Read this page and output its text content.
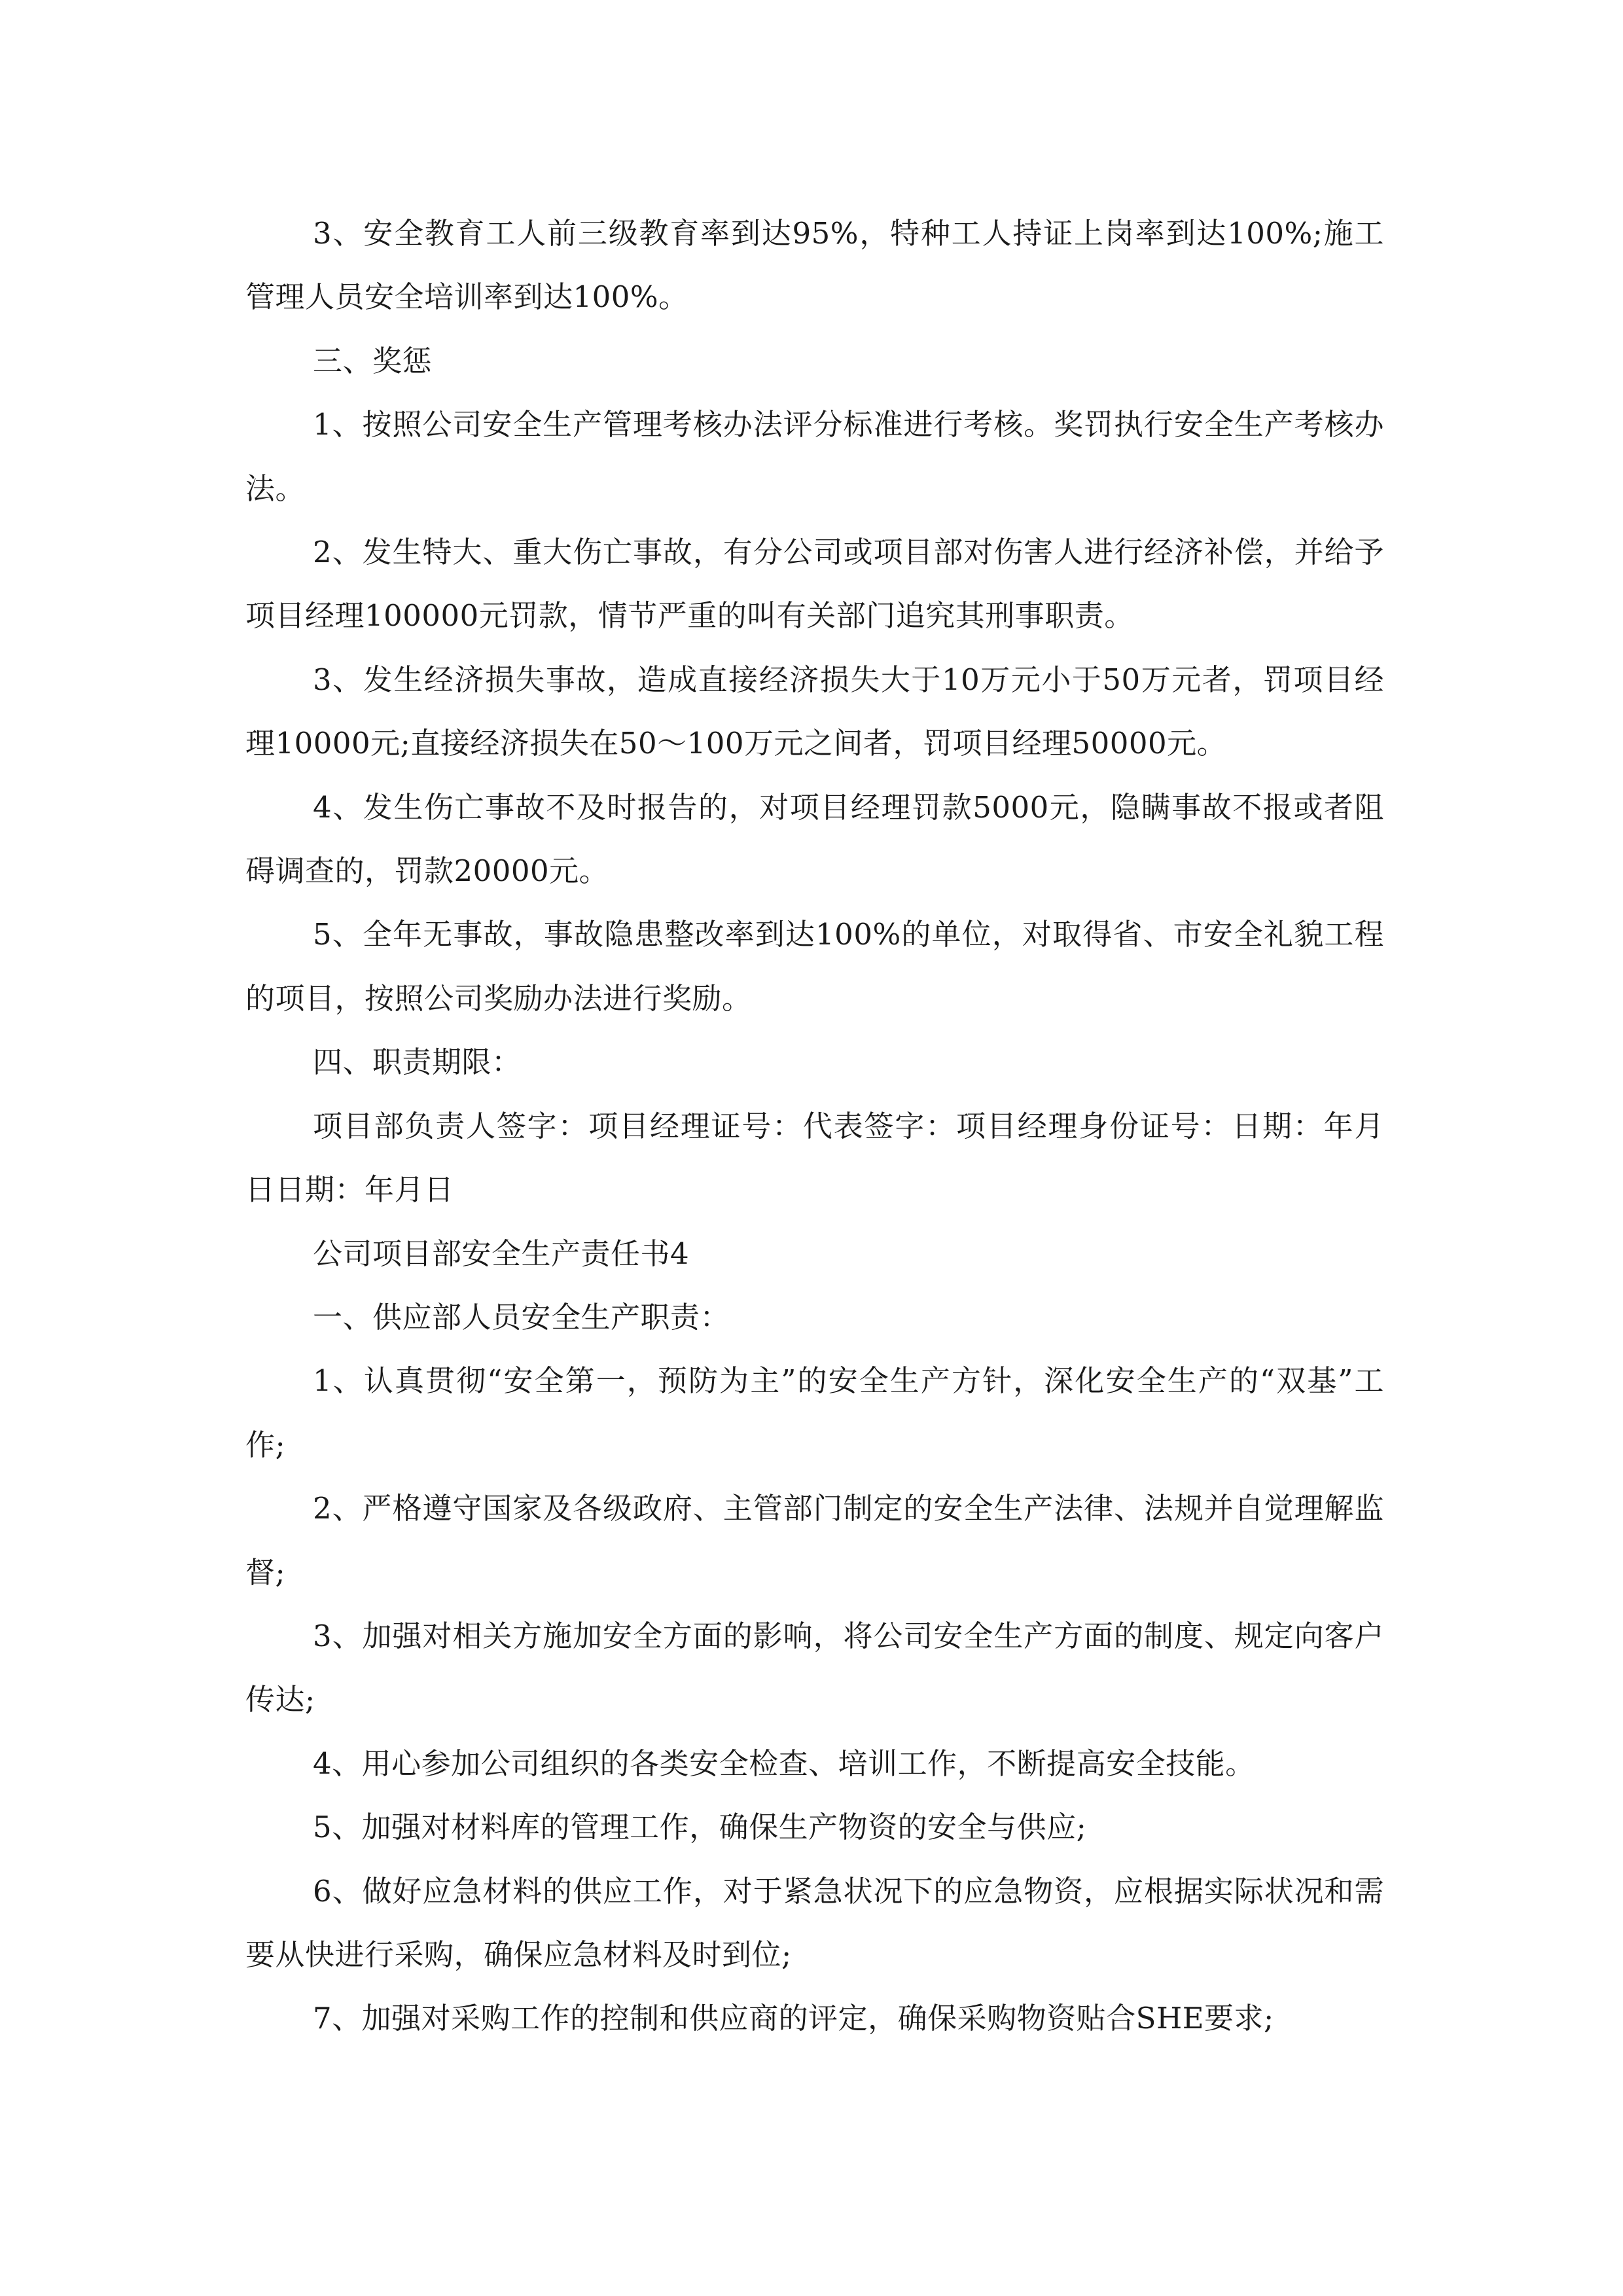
3、安全教育工人前三级教育率到达95%，特种工人持证上岗率到达100%;施工管理人员安全培训率到达100%。

三、奖惩

1、按照公司安全生产管理考核办法评分标准进行考核。奖罚执行安全生产考核办法。

2、发生特大、重大伤亡事故，有分公司或项目部对伤害人进行经济补偿，并给予项目经理100000元罚款，情节严重的叫有关部门追究其刑事职责。

3、发生经济损失事故，造成直接经济损失大于10万元小于50万元者，罚项目经理10000元;直接经济损失在50～100万元之间者，罚项目经理50000元。

4、发生伤亡事故不及时报告的，对项目经理罚款5000元，隐瞒事故不报或者阻碍调查的，罚款20000元。

5、全年无事故，事故隐患整改率到达100%的单位，对取得省、市安全礼貌工程的项目，按照公司奖励办法进行奖励。

四、职责期限：

项目部负责人签字：项目经理证号：代表签字：项目经理身份证号：日期：年月日日期：年月日

公司项目部安全生产责任书4

一、供应部人员安全生产职责：

1、认真贯彻“安全第一，预防为主”的安全生产方针，深化安全生产的“双基”工作;

2、严格遵守国家及各级政府、主管部门制定的安全生产法律、法规并自觉理解监督;

3、加强对相关方施加安全方面的影响，将公司安全生产方面的制度、规定向客户传达;

4、用心参加公司组织的各类安全检查、培训工作，不断提高安全技能。

5、加强对材料库的管理工作，确保生产物资的安全与供应;

6、做好应急材料的供应工作，对于紧急状况下的应急物资，应根据实际状况和需要从快进行采购，确保应急材料及时到位;

7、加强对采购工作的控制和供应商的评定，确保采购物资贴合SHE要求;
